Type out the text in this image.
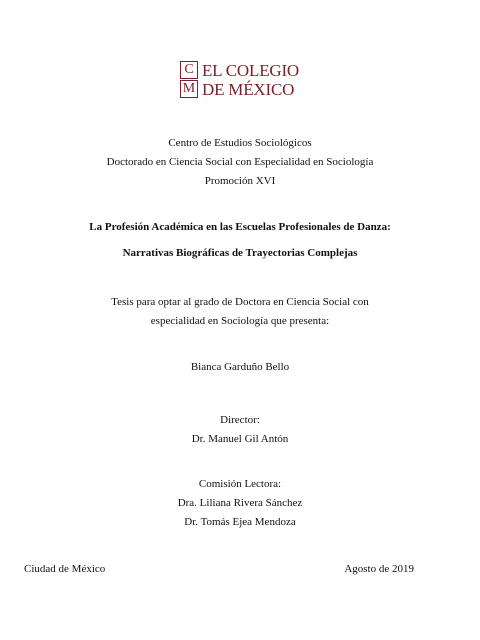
C
M
EL COLEGIO
DE MÉXICO
Centro de Estudios Sociológicos
Doctorado en Ciencia Social con Especialidad en Sociología
Promoción XVI
La Profesión Académica en las Escuelas Profesionales de Danza:
Narrativas Biográficas de Trayectorias Complejas
Tesis para optar al grado de Doctora en Ciencia Social con
especialidad en Sociología que presenta:
Bianca Garduño Bello
Director:
Dr. Manuel Gil Antón
Comisión Lectora:
Dra. Liliana Rivera Sánchez
Dr. Tomás Ejea Mendoza
Ciudad de México	Agosto de 2019
